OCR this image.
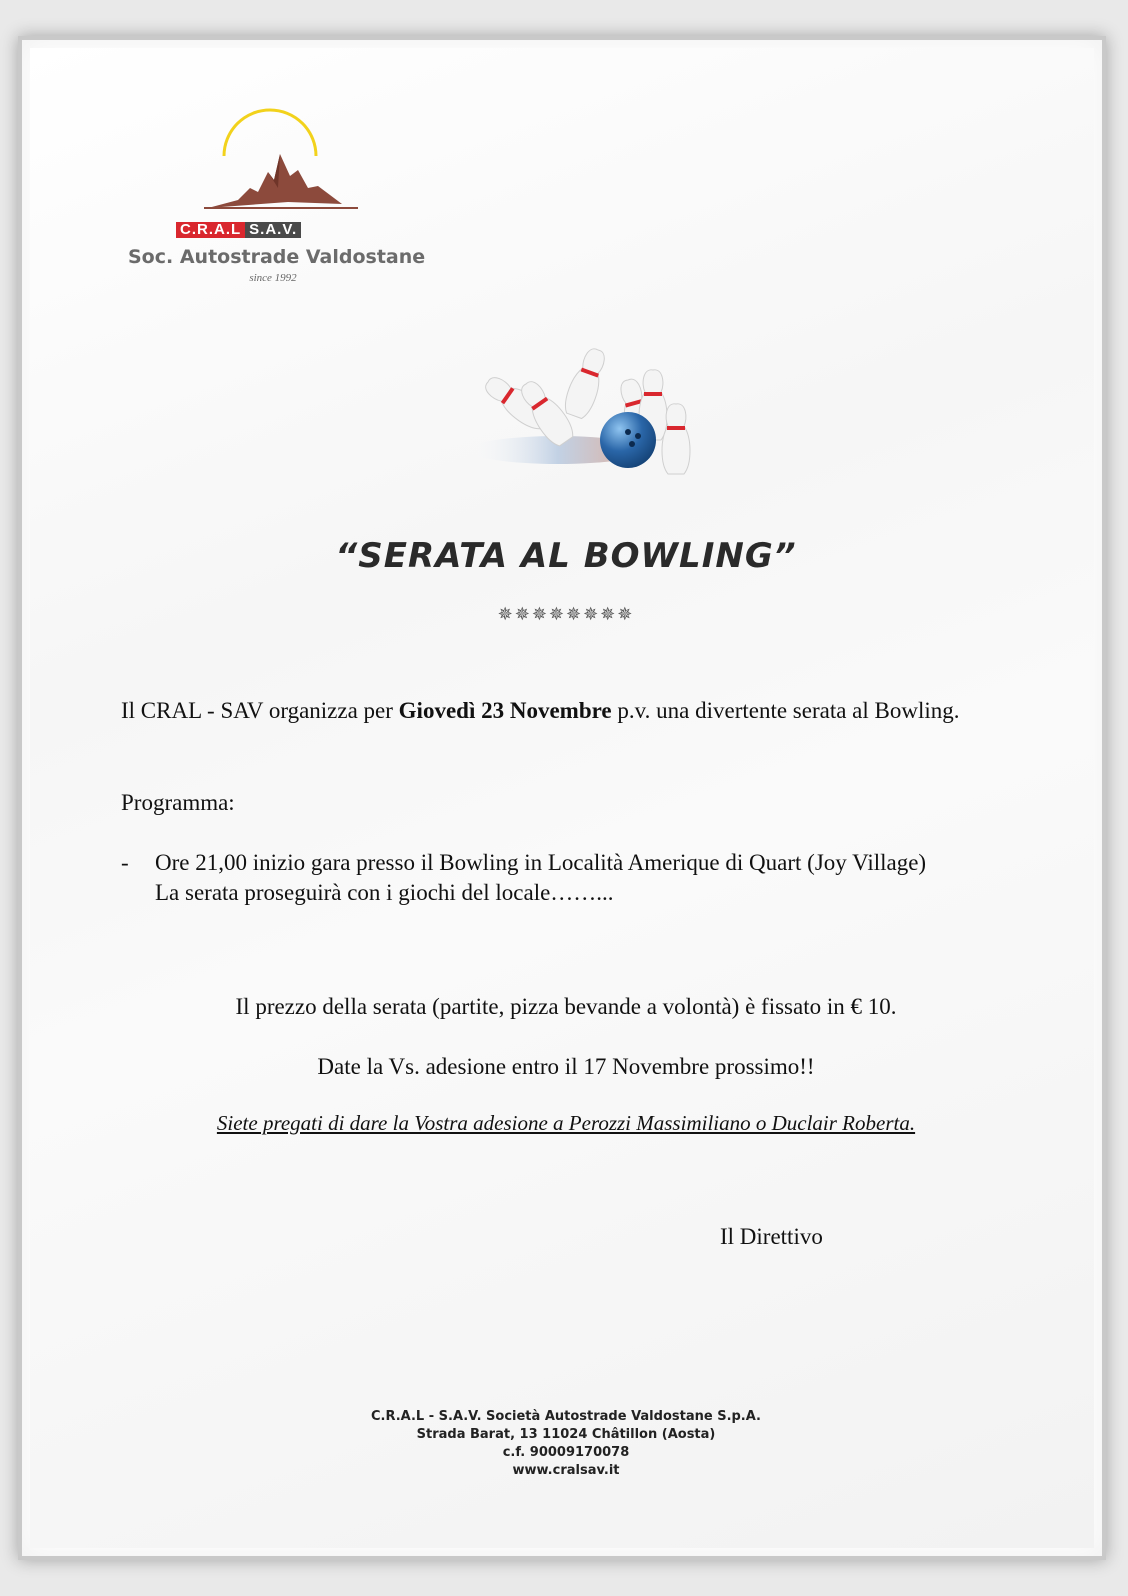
C.R.A.L S.A.V.
Soc. Autostrade Valdostane
since 1992
“SERATA AL BOWLING”
✵✵✵✵✵✵✵✵
Il CRAL - SAV organizza per Giovedì 23 Novembre p.v. una divertente serata al Bowling.
Programma:
- Ore 21,00 inizio gara presso il Bowling in Località Amerique di Quart (Joy Village)
La serata proseguirà con i giochi del locale……...
Il prezzo della serata (partite, pizza bevande a volontà) è fissato in € 10.
Date la Vs. adesione entro il 17 Novembre prossimo!!
Siete pregati di dare la Vostra adesione a Perozzi Massimiliano o Duclair Roberta.
Il Direttivo
C.R.A.L - S.A.V. Società Autostrade Valdostane S.p.A.
Strada Barat, 13 11024 Châtillon (Aosta)
c.f. 90009170078
www.cralsav.it
